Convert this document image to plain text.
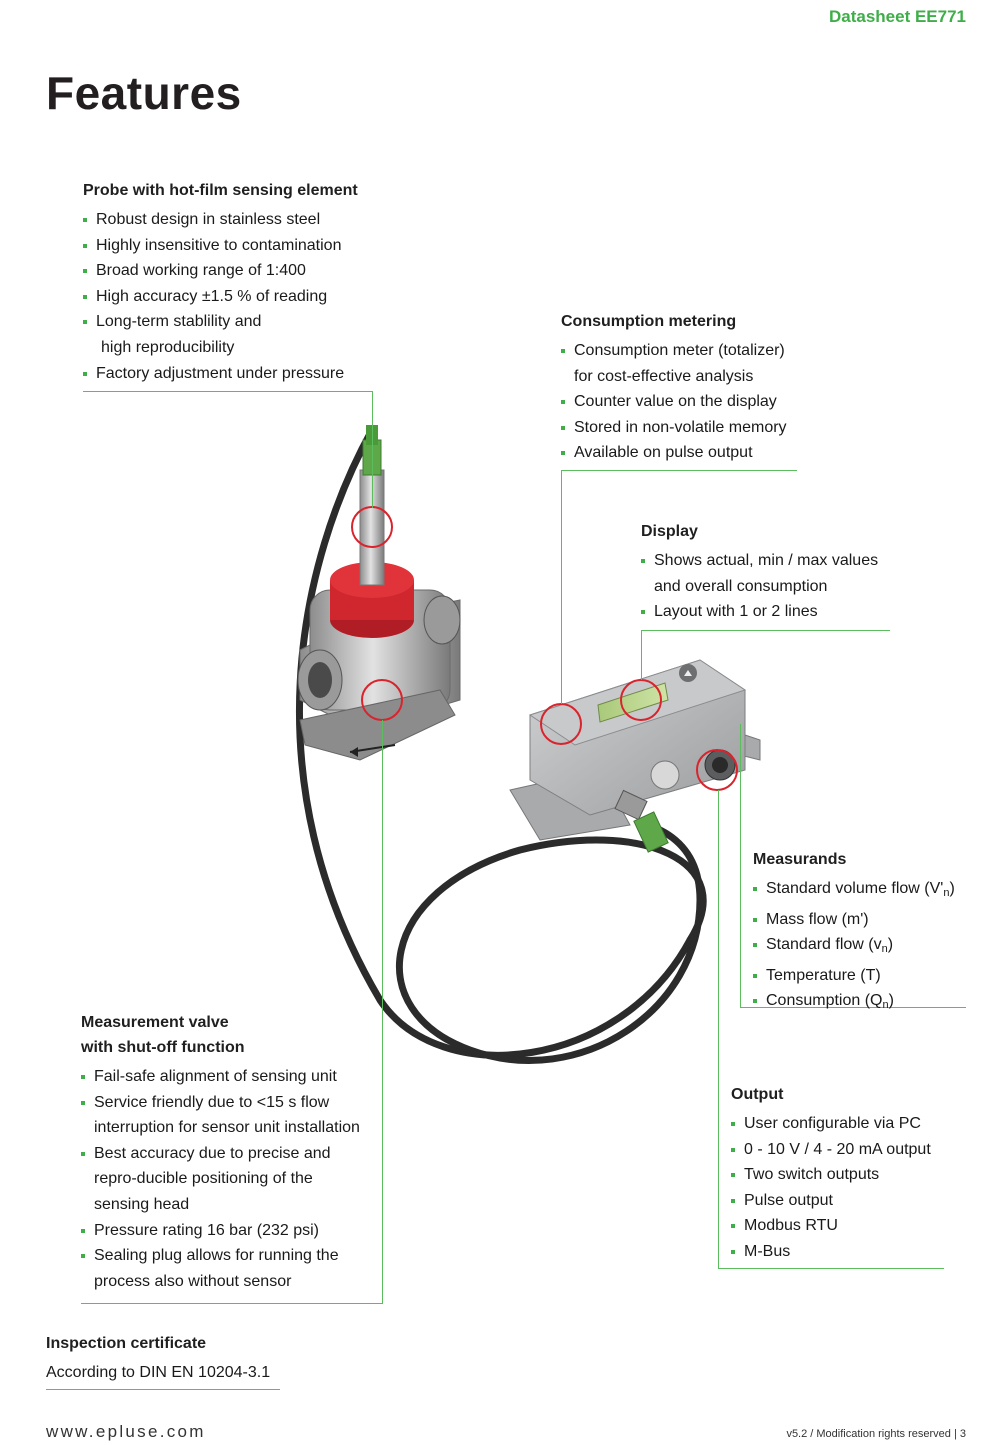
Datasheet EE771
Features
Probe with hot-film sensing element
Robust design in stainless steel
Highly insensitive to contamination
Broad working range of 1:400
High accuracy ±1.5 % of reading
Long-term stablility and
high reproducibility
Factory adjustment under pressure
Consumption metering
Consumption meter (totalizer)
for cost-effective analysis
Counter value on the display
Stored in non-volatile memory
Available on pulse output
Display
Shows actual, min / max values
and overall consumption
Layout with 1 or 2 lines
Measurands
Standard volume flow $(V'_n)$
Mass flow (m')
Standard flow $(v_n)$
Temperature (T)
Consumption $(Q_n)$
Measurement valve
with shut-off function
Fail-safe alignment of sensing unit
Service friendly due to <15 s flow
interruption for sensor unit installation
Best accuracy due to precise and
repro-ducible positioning of the
sensing head
Pressure rating 16 bar (232 psi)
Sealing plug allows for running the
process also without sensor
Output
User configurable via PC
0 - 10 V / 4 - 20 mA output
Two switch outputs
Pulse output
Modbus RTU
M-Bus
Inspection certificate
According to DIN EN 10204-3.1
www.epluse.com	v5.2 / Modification rights reserved | 3
